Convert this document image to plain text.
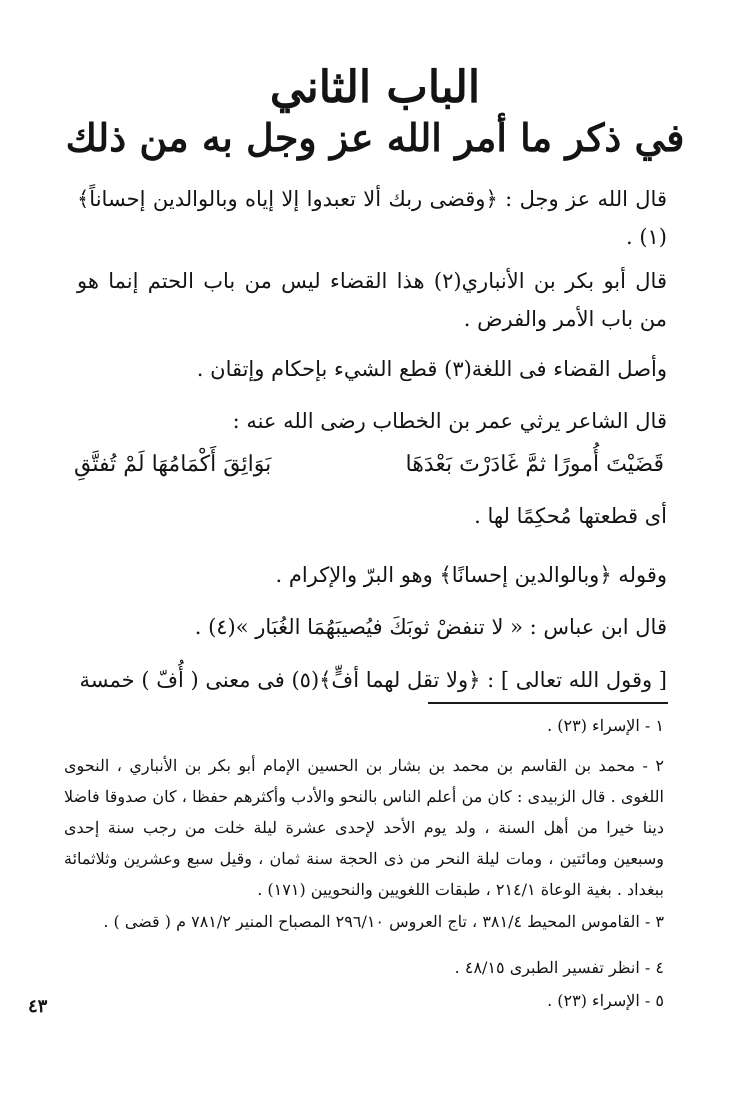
الباب الثاني
في ذكر ما أمر الله عز وجل به من ذلك
قال الله عز وجل : ﴿وقضى ربك ألا تعبدوا إلا إياه وبالوالدين إحساناً﴾(١) .
قال أبو بكر بن الأنباري(٢) هذا القضاء ليس من باب الحتم إنما هو من باب الأمر والفرض .
وأصل القضاء فى اللغة(٣) قطع الشيء بإحكام وإتقان .
قال الشاعر يرثي عمر بن الخطاب رضى الله عنه :
قَضَيْتَ أُمورًا ثمَّ غَادَرْتَ بَعْدَهَا
بَوَائِقَ أَكْمَامُهَا لَمْ تُفتَّقِ
أى قطعتها مُحكِمًا لها .
وقوله ﴿وبالوالدين إحسانًا﴾ وهو البرّ والإكرام .
قال ابن عباس : « لا تنفضْ ثوبَكَ فيُصيبَهُمَا الغُبَار »(٤) .
[ وقول الله تعالى ] : ﴿ولا تقل لهما أفٍّ﴾(٥) فى معنى ( أُفّ ) خمسة
١ - الإسراء (٢٣) .
٢ - محمد بن القاسم بن محمد بن بشار بن الحسين الإمام أبو بكر بن الأنباري ، النحوى اللغوى . قال الزبيدى : كان من أعلم الناس بالنحو والأدب وأكثرهم حفظا ، كان صدوقا فاضلا دينا خيرا من أهل السنة ، ولد يوم الأحد لإحدى عشرة ليلة خلت من رجب سنة إحدى وسبعين ومائتين ، ومات ليلة النحر من ذى الحجة سنة ثمان ، وقيل سبع وعشرين وثلاثمائة ببغداد . بغية الوعاة ٢١٤/١ ، طبقات اللغويين والنحويين (١٧١) .
٣ - القاموس المحيط ٣٨١/٤ ، تاج العروس ٢٩٦/١٠ المصباح المنير ٧٨١/٢ م ( قضى ) .
٤ - انظر تفسير الطبرى ٤٨/١٥ .
٥ - الإسراء (٢٣) .
٤٣
